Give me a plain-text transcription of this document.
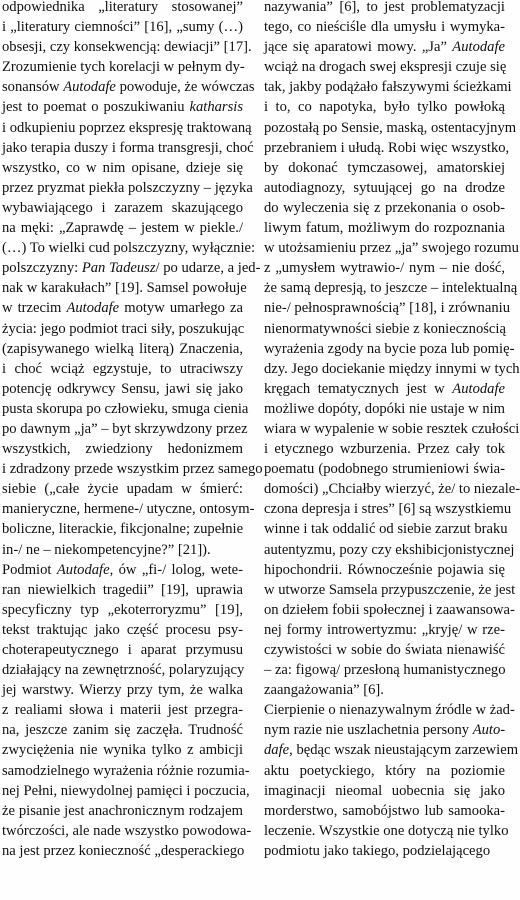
odpowiednika „literatury stosowanej”
i „literatury ciemności” [16], „sumy (…)
obsesji, czy konsekwencją: dewiacji” [17].
Zrozumienie tych korelacji w pełnym dy-
sonansów Autodafe powoduje, że wówczas
jest to poemat o poszukiwaniu katharsis
i odkupieniu poprzez ekspresję traktowaną
jako terapia duszy i forma transgresji, choć
wszystko, co w nim opisane, dzieje się
przez pryzmat piekła polszczyzny – języka
wybawiającego i zarazem skazującego
na męki: „Zaprawdę – jestem w piekle./
(…) To wielki cud polszczyzny, wyłącznie:
polszczyzny: Pan Tadeusz/ po udarze, a jed-
nak w karakułach” [19]. Samsel powołuje
w trzecim Autodafe motyw umarłego za
życia: jego podmiot traci siły, poszukując
(zapisywanego wielką literą) Znaczenia,
i choć wciąż egzystuje, to utraciwszy
potencję odkrywcy Sensu, jawi się jako
pusta skorupa po człowieku, smuga cienia
po dawnym „ja” – byt skrzywdzony przez
wszystkich, zwiedziony hedonizmem
i zdradzony przede wszystkim przez samego
siebie („całe życie upadam w śmierć:
manieryczne, hermene-/ utyczne, ontosym-
boliczne, literackie, fikcjonalne; zupełnie
in-/ ne – niekompetencyjne?” [21]).
Podmiot Autodafe, ów „fi-/ lolog, wete-
ran niewielkich tragedii” [19], uprawia
specyficzny typ „ekoterroryzmu” [19],
tekst traktując jako część procesu psy-
choterapeutycznego i aparat przymusu
działający na zewnętrzność, polaryzujący
jej warstwy. Wierzy przy tym, że walka
z realiami słowa i materii jest przegra-
na, jeszcze zanim się zaczęła. Trudność
zwyciężenia nie wynika tylko z ambicji
samodzielnego wyrażenia różnie rozumia-
nej Pełni, niewydolnej pamięci i poczucia,
że pisanie jest anachronicznym rodzajem
twórczości, ale nade wszystko powodowa-
na jest przez konieczność „desperackiego
nazywania” [6], to jest problematyzacji
tego, co nieściśle dla umysłu i wymyka-
jące się aparatowi mowy. „Ja” Autodafe
wciąż na drogach swej ekspresji czuje się
tak, jakby podążało fałszywymi ścieżkami
i to, co napotyka, było tylko powłoką
pozostałą po Sensie, maską, ostentacyjnym
przebraniem i ułudą. Robi więc wszystko,
by dokonać tymczasowej, amatorskiej
autodiagnozy, sytuującej go na drodze
do wyleczenia się z przekonania o osob-
liwym fatum, możliwym do rozpoznania
w utożsamieniu przez „ja” swojego rozumu
z „umysłem wytrawio-/ nym – nie dość,
że samą depresją, to jeszcze – intelektualną
nie-/ pełnosprawnością” [18], i zrównaniu
nienormatywności siebie z koniecznością
wyrażenia zgody na bycie poza lub pomię-
dzy. Jego dociekanie między innymi w tych
kręgach tematycznych jest w Autodafe
możliwe dopóty, dopóki nie ustaje w nim
wiara w wypalenie w sobie resztek czułości
i etycznego wzburzenia. Przez cały tok
poematu (podobnego strumieniowi świa-
domości) „Chciałby wierzyć, że/ to niezale-
czona depresja i stres” [6] są wszystkiemu
winne i tak oddalić od siebie zarzut braku
autentyzmu, pozy czy ekshibicjonistycznej
hipochondrii. Równocześnie pojawia się
w utworze Samsela przypuszczenie, że jest
on dziełem fobii społecznej i zaawansowa-
nej formy introwertyzmu: „kryję/ w rze-
czywistości w sobie do świata nienawiść
– za: figową/ przesłoną humanistycznego
zaangażowania” [6].
Cierpienie o nienazywalnym źródle w żad-
nym razie nie uszlachetnia persony Auto-
dafe, będąc wszak nieustającym zarzewiem
aktu poetyckiego, który na poziomie
imaginacji nieomal uobecnia się jako
morderstwo, samobójstwo lub samooka-
leczenie. Wszystkie one dotyczą nie tylko
podmiotu jako takiego, podzielającego
